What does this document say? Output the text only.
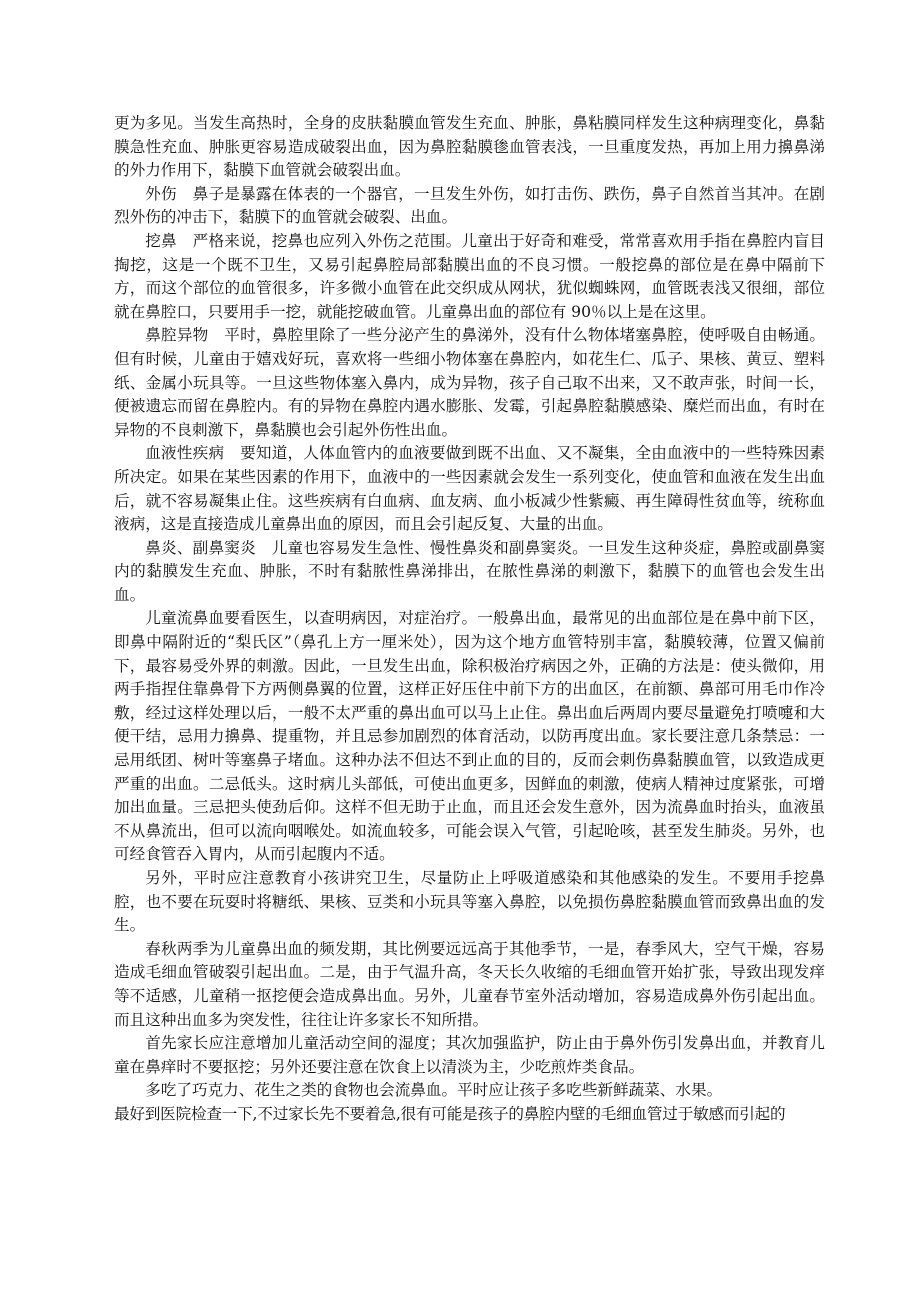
更为多见。当发生高热时，全身的皮肤黏膜血管发生充血、肿胀，鼻粘膜同样发生这种病理变化，鼻黏膜急性充血、肿胀更容易造成破裂出血，因为鼻腔黏膜毶血管表浅，一旦重度发热，再加上用力擤鼻涕的外力作用下，黏膜下血管就会破裂出血。

外伤　鼻子是暴露在体表的一个器官，一旦发生外伤，如打击伤、跌伤，鼻子自然首当其冲。在剧烈外伤的冲击下，黏膜下的血管就会破裂、出血。

挖鼻　严格来说，挖鼻也应列入外伤之范围。儿童出于好奇和难受，常常喜欢用手指在鼻腔内盲目掏挖，这是一个既不卫生，又易引起鼻腔局部黏膜出血的不良习惯。一般挖鼻的部位是在鼻中隔前下方，而这个部位的血管很多，许多微小血管在此交织成从网状，犹似蜘蛛网，血管既表浅又很细，部位就在鼻腔口，只要用手一挖，就能挖破血管。儿童鼻出血的部位有 90％以上是在这里。

鼻腔异物　平时，鼻腔里除了一些分泌产生的鼻涕外，没有什么物体堵塞鼻腔，使呼吸自由畅通。但有时候，儿童由于嬉戏好玩，喜欢将一些细小物体塞在鼻腔内，如花生仁、瓜子、果核、黄豆、塑料纸、金属小玩具等。一旦这些物体塞入鼻内，成为异物，孩子自己取不出来，又不敢声张，时间一长，便被遗忘而留在鼻腔内。有的异物在鼻腔内遇水膨胀、发霉，引起鼻腔黏膜感染、糜烂而出血，有时在异物的不良刺激下，鼻黏膜也会引起外伤性出血。

血液性疾病　要知道，人体血管内的血液要做到既不出血、又不凝集，全由血液中的一些特殊因素所决定。如果在某些因素的作用下，血液中的一些因素就会发生一系列变化，使血管和血液在发生出血后，就不容易凝集止住。这些疾病有白血病、血友病、血小板减少性紫癜、再生障碍性贫血等，统称血液病，这是直接造成儿童鼻出血的原因，而且会引起反复、大量的出血。

鼻炎、副鼻窦炎　儿童也容易发生急性、慢性鼻炎和副鼻窦炎。一旦发生这种炎症，鼻腔或副鼻窦内的黏膜发生充血、肿胀，不时有黏脓性鼻涕排出，在脓性鼻涕的刺激下，黏膜下的血管也会发生出血。

儿童流鼻血要看医生，以查明病因，对症治疗。一般鼻出血，最常见的出血部位是在鼻中前下区，即鼻中隔附近的“梨氏区”（鼻孔上方一厘米处），因为这个地方血管特别丰富，黏膜较薄，位置又偏前下，最容易受外界的刺激。因此，一旦发生出血，除积极治疗病因之外，正确的方法是：使头微仰，用两手指捏住靠鼻骨下方两侧鼻翼的位置，这样正好压住中前下方的出血区，在前额、鼻部可用毛巾作冷敷，经过这样处理以后，一般不太严重的鼻出血可以马上止住。鼻出血后两周内要尽量避免打喷嚏和大便干结，忌用力擤鼻、提重物，并且忌参加剧烈的体育活动，以防再度出血。家长要注意几条禁忌：一忌用纸团、树叶等塞鼻子堵血。这种办法不但达不到止血的目的，反而会刺伤鼻黏膜血管，以致造成更严重的出血。二忌低头。这时病儿头部低，可使出血更多，因鲜血的刺激，使病人精神过度紧张，可增加出血量。三忌把头使劲后仰。这样不但无助于止血，而且还会发生意外，因为流鼻血时抬头，血液虽不从鼻流出，但可以流向咽喉处。如流血较多，可能会误入气管，引起呛咳，甚至发生肺炎。另外，也可经食管吞入胃内，从而引起腹内不适。

另外，平时应注意教育小孩讲究卫生，尽量防止上呼吸道感染和其他感染的发生。不要用手挖鼻腔，也不要在玩耍时将糖纸、果核、豆类和小玩具等塞入鼻腔，以免损伤鼻腔黏膜血管而致鼻出血的发生。

春秋两季为儿童鼻出血的频发期，其比例要远远高于其他季节，一是，春季风大，空气干燥，容易造成毛细血管破裂引起出血。二是，由于气温升高，冬天长久收缩的毛细血管开始扩张，导致出现发痒等不适感，儿童稍一抠挖便会造成鼻出血。另外，儿童春节室外活动增加，容易造成鼻外伤引起出血。而且这种出血多为突发性，往往让许多家长不知所措。

首先家长应注意增加儿童活动空间的湿度；其次加强监护，防止由于鼻外伤引发鼻出血，并教育儿童在鼻痒时不要抠挖；另外还要注意在饮食上以清淡为主，少吃煎炸类食品。

多吃了巧克力、花生之类的食物也会流鼻血。平时应让孩子多吃些新鲜蔬菜、水果。

最好到医院检查一下,不过家长先不要着急,很有可能是孩子的鼻腔内壁的毛细血管过于敏感而引起的
